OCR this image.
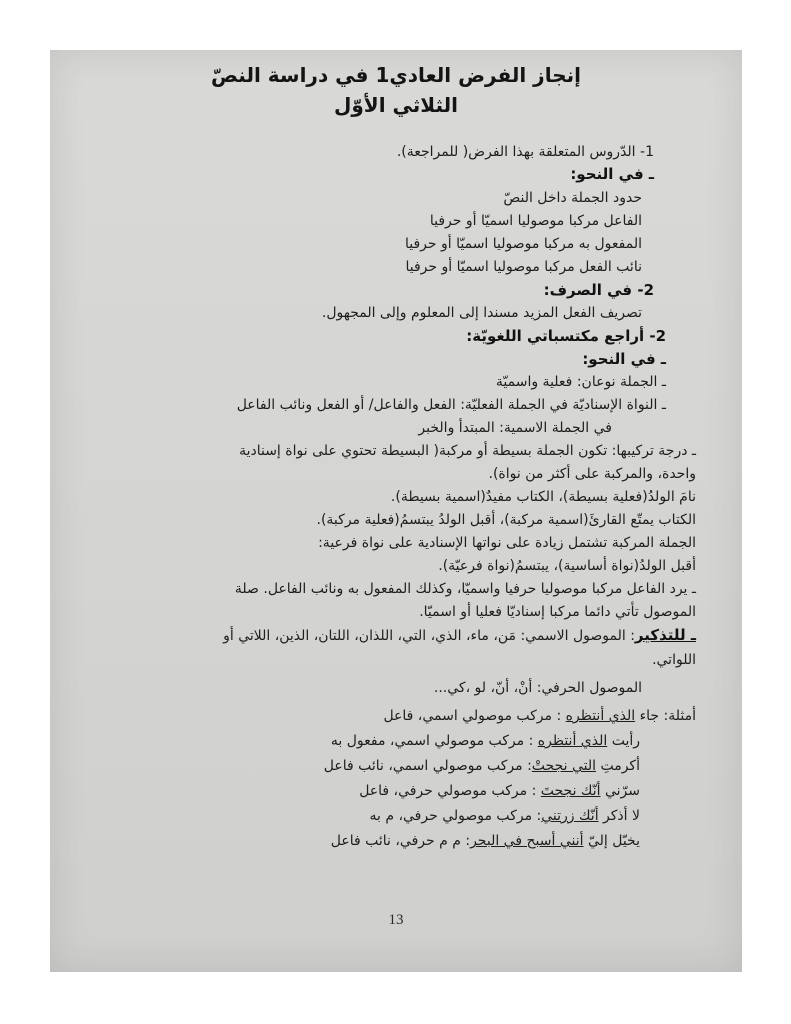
إنجاز الفرض العادي1 في دراسة النصّ
الثلاثي الأوّل
1- الدّروس المتعلقة بهذا الفرض( للمراجعة).
ـ في النحو:
حدود الجملة داخل النصّ
الفاعل مركبا موصوليا اسميّا أو حرفيا
المفعول به مركبا موصوليا اسميّا أو حرفيا
نائب الفعل مركبا موصوليا اسميّا أو حرفيا
2- في الصرف:
تصريف الفعل المزيد مسندا إلى المعلوم وإلى المجهول.
2- أراجع مكتسباتي اللغويّة:
ـ في النحو:
ـ الجملة نوعان: فعلية واسميّة
ـ النواة الإسناديّة في الجملة الفعليّة: الفعل والفاعل/ أو الفعل ونائب الفاعل
في الجملة الاسمية: المبتدأ والخبر
ـ درجة تركيبها: تكون الجملة بسيطة أو مركبة( البسيطة تحتوي على نواة إسنادية
واحدة، والمركبة على أكثر من نواة).
نامَ الولدُ(فعلية بسيطة)، الكتاب مفيدٌ(اسمية بسيطة).
الكتاب يمتّع القارئَ(اسمية مركبة)، أقبل الولدُ يبتسمُ(فعلية مركبة).
الجملة المركبة تشتمل زيادة على نواتها الإسنادية على نواة فرعية:
أقبل الولدُ(نواة أساسية)، يبتسمُ(نواة فرعيّة).
ـ يرد الفاعل مركبا موصوليا حرفيا واسميّا، وكذلك المفعول به ونائب الفاعل. صلة
الموصول تأتي دائما مركبا إسناديّا فعليا أو اسميّا.
ـ للتذكير: الموصول الاسمي: مَن، ماء، الذي، التي، اللذان، اللتان، الذين، اللاتي أو
اللواتي.
الموصول الحرفي: أنْ، أنّ، لو ،كي...
أمثلة: جاء الذي أنتظره : مركب موصولي اسمي، فاعل
رأيت الذي أنتظره : مركب موصولي اسمي، مفعول به
أكرمتِ التي نجحتْ: مركب موصولي اسمي، نائب فاعل
سرّني أنّك نجحتَ : مركب موصولي حرفي، فاعل
لا أذكر أنّك زرتني: مركب موصولي حرفي، م به
يخيّل إليّ أنني أسبح في البحر: م م حرفي، نائب فاعل
13
